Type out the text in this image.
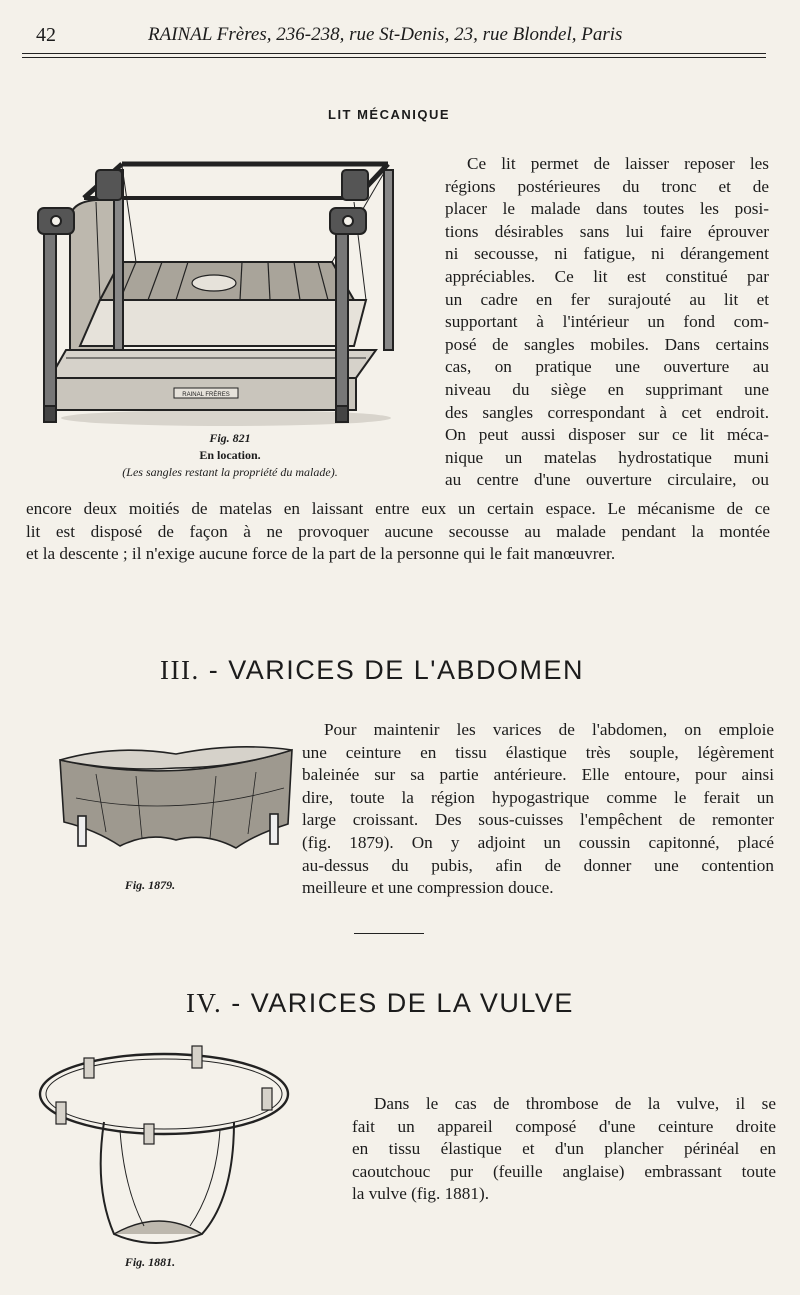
42	RAINAL Frères, 236-238, rue St-Denis, 23, rue Blondel, Paris
LIT MÉCANIQUE
RAINAL FRÈRES
Fig. 821
En location.
(Les sangles restant la propriété du malade).
Ce lit permet de laisser reposer les
régions postérieures du tronc et de
placer le malade dans toutes les posi-
tions désirables sans lui faire éprouver
ni secousse, ni fatigue, ni dérangement
appréciables. Ce lit est constitué par
un cadre en fer surajouté au lit et
supportant à l'intérieur un fond com-
posé de sangles mobiles. Dans certains
cas, on pratique une ouverture au
niveau du siège en supprimant une
des sangles correspondant à cet endroit.
On peut aussi disposer sur ce lit méca-
nique un matelas hydrostatique muni
au centre d'une ouverture circulaire, ou
encore deux moitiés de matelas en laissant entre eux un certain espace. Le mécanisme de ce
lit est disposé de façon à ne provoquer aucune secousse au malade pendant la montée
et la descente ; il n'exige aucune force de la part de la personne qui le fait manœuvrer.
III. - VARICES DE L'ABDOMEN
Fig. 1879.
Pour maintenir les varices de l'abdomen, on emploie
une ceinture en tissu élastique très souple, légèrement
baleinée sur sa partie antérieure. Elle entoure, pour ainsi
dire, toute la région hypogastrique comme le ferait un
large croissant. Des sous-cuisses l'empêchent de remonter
(fig. 1879). On y adjoint un coussin capitonné, placé
au-dessus du pubis, afin de donner une contention
meilleure et une compression douce.
IV. - VARICES DE LA VULVE
Fig. 1881.
Dans le cas de thrombose de la vulve, il se
fait un appareil composé d'une ceinture droite
en tissu élastique et d'un plancher périnéal en
caoutchouc pur (feuille anglaise) embrassant toute
la vulve (fig. 1881).
